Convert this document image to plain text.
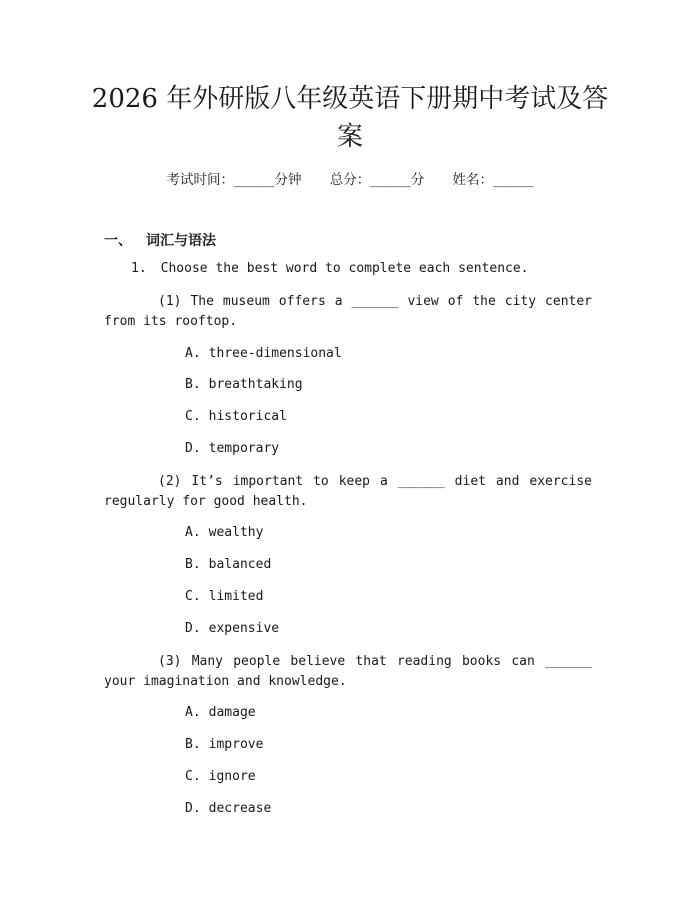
2026 年外研版八年级英语下册期中考试及答案
考试时间：______分钟 总分：______分 姓名：______
一、 词汇与语法
1. Choose the best word to complete each sentence.
(1) The museum offers a ______ view of the city center from its rooftop.
A. three-dimensional
B. breathtaking
C. historical
D. temporary
(2) It’s important to keep a ______ diet and exercise regularly for good health.
A. wealthy
B. balanced
C. limited
D. expensive
(3) Many people believe that reading books can ______ your imagination and knowledge.
A. damage
B. improve
C. ignore
D. decrease
